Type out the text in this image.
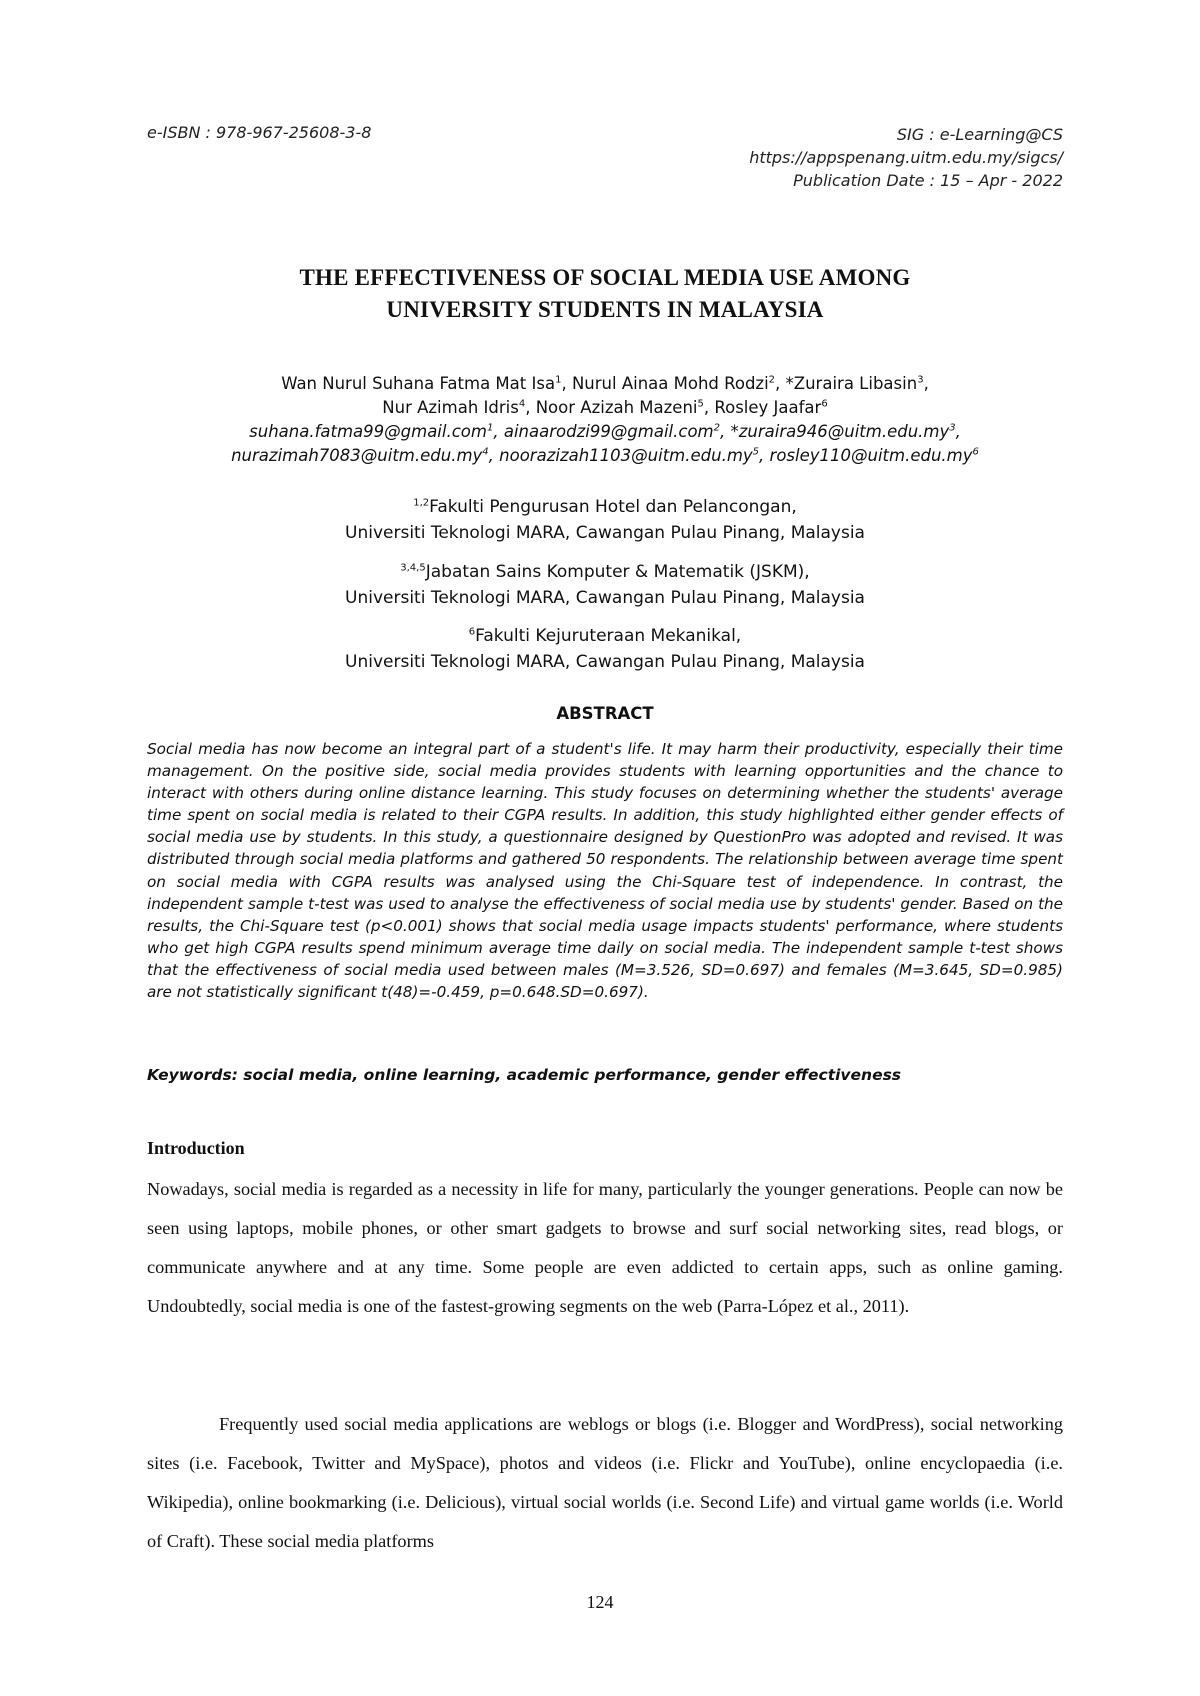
e-ISBN : 978-967-25608-3-8	SIG : e-Learning@CS
https://appspenang.uitm.edu.my/sigcs/
Publication Date : 15 – Apr - 2022
THE EFFECTIVENESS OF SOCIAL MEDIA USE AMONG
UNIVERSITY STUDENTS IN MALAYSIA
Wan Nurul Suhana Fatma Mat Isa$^1$, Nurul Ainaa Mohd Rodzi$^2$, *Zuraira Libasin$^3$,
Nur Azimah Idris$^4$, Noor Azizah Mazeni$^5$, Rosley Jaafar$^6$
suhana.fatma99@gmail.com$^1$, ainaarodzi99@gmail.com$^2$, $*zuraira946@uitm.edu.my^3$,
$nurazimah7083@uitm.edu.my^4$, $noorazizah1103@uitm.edu.my^5$, $rosley110@uitm.edu.my^6$
$^{1,2}$Fakulti Pengurusan Hotel dan Pelancongan,
Universiti Teknologi MARA, Cawangan Pulau Pinang, Malaysia
$^{3,4,5}$Jabatan Sains Komputer & Matematik (JSKM),
Universiti Teknologi MARA, Cawangan Pulau Pinang, Malaysia
$^6$Fakulti Kejuruteraan Mekanikal,
Universiti Teknologi MARA, Cawangan Pulau Pinang, Malaysia
ABSTRACT
Social media has now become an integral part of a student's life. It may harm their productivity, especially their time management. On the positive side, social media provides students with learning opportunities and the chance to interact with others during online distance learning. This study focuses on determining whether the students' average time spent on social media is related to their CGPA results. In addition, this study highlighted either gender effects of social media use by students. In this study, a questionnaire designed by QuestionPro was adopted and revised. It was distributed through social media platforms and gathered 50 respondents. The relationship between average time spent on social media with CGPA results was analysed using the Chi-Square test of independence. In contrast, the independent sample t-test was used to analyse the effectiveness of social media use by students' gender. Based on the results, the Chi-Square test (p<0.001) shows that social media usage impacts students' performance, where students who get high CGPA results spend minimum average time daily on social media. The independent sample t-test shows that the effectiveness of social media used between males (M=3.526, SD=0.697) and females (M=3.645, SD=0.985) are not statistically significant t(48)=-0.459, p=0.648.SD=0.697).
Keywords: social media, online learning, academic performance, gender effectiveness
Introduction
Nowadays, social media is regarded as a necessity in life for many, particularly the younger generations. People can now be seen using laptops, mobile phones, or other smart gadgets to browse and surf social networking sites, read blogs, or communicate anywhere and at any time. Some people are even addicted to certain apps, such as online gaming. Undoubtedly, social media is one of the fastest-growing segments on the web (Parra-López et al., 2011).
Frequently used social media applications are weblogs or blogs (i.e. Blogger and WordPress), social networking sites (i.e. Facebook, Twitter and MySpace), photos and videos (i.e. Flickr and YouTube), online encyclopaedia (i.e. Wikipedia), online bookmarking (i.e. Delicious), virtual social worlds (i.e. Second Life) and virtual game worlds (i.e. World of Craft). These social media platforms
124
